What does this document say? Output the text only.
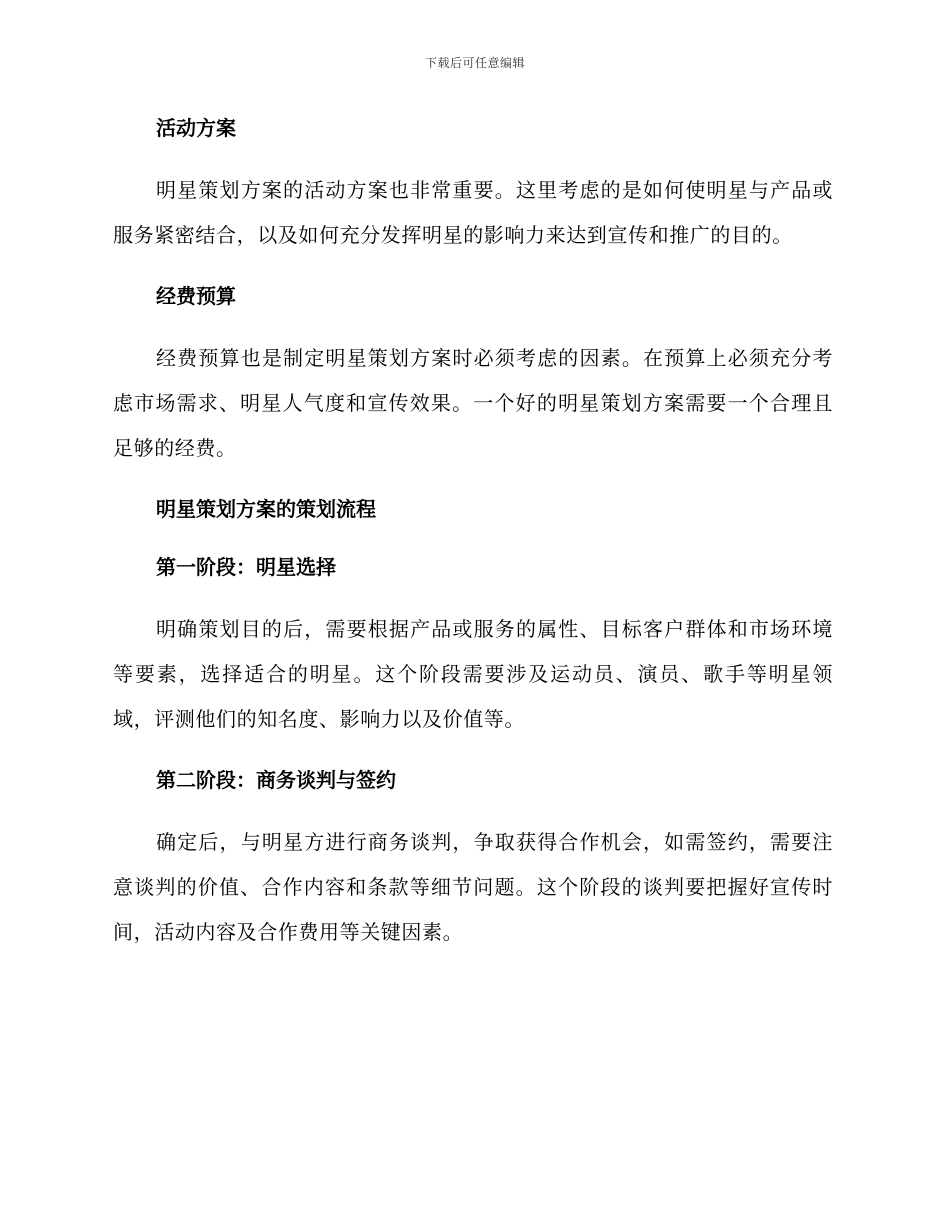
下载后可任意编辑
活动方案

明星策划方案的活动方案也非常重要。这里考虑的是如何使明星与产品或服务紧密结合，以及如何充分发挥明星的影响力来达到宣传和推广的目的。

经费预算

经费预算也是制定明星策划方案时必须考虑的因素。在预算上必须充分考虑市场需求、明星人气度和宣传效果。一个好的明星策划方案需要一个合理且足够的经费。

明星策划方案的策划流程
第一阶段：明星选择

明确策划目的后，需要根据产品或服务的属性、目标客户群体和市场环境等要素，选择适合的明星。这个阶段需要涉及运动员、演员、歌手等明星领域，评测他们的知名度、影响力以及价值等。

第二阶段：商务谈判与签约

确定后，与明星方进行商务谈判，争取获得合作机会，如需签约，需要注意谈判的价值、合作内容和条款等细节问题。这个阶段的谈判要把握好宣传时间，活动内容及合作费用等关键因素。
